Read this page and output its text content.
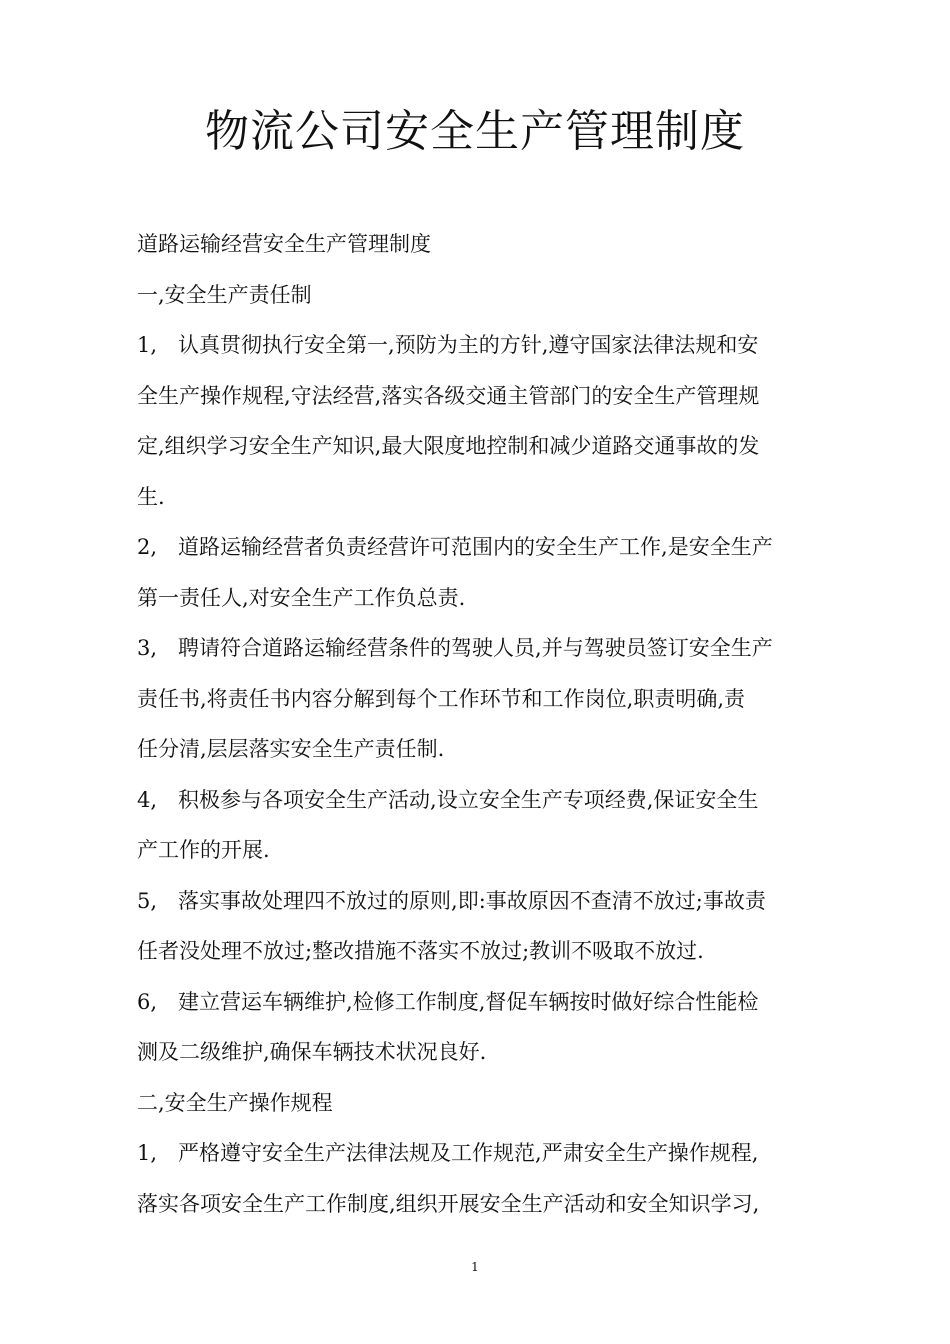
物流公司安全生产管理制度
道路运输经营安全生产管理制度
一,安全生产责任制
1,　认真贯彻执行安全第一,预防为主的方针,遵守国家法律法规和安
全生产操作规程,守法经营,落实各级交通主管部门的安全生产管理规
定,组织学习安全生产知识,最大限度地控制和减少道路交通事故的发
生.
2,　道路运输经营者负责经营许可范围内的安全生产工作,是安全生产
第一责任人,对安全生产工作负总责.
3,　聘请符合道路运输经营条件的驾驶人员,并与驾驶员签订安全生产
责任书,将责任书内容分解到每个工作环节和工作岗位,职责明确,责
任分清,层层落实安全生产责任制.
4,　积极参与各项安全生产活动,设立安全生产专项经费,保证安全生
产工作的开展.
5,　落实事故处理四不放过的原则,即:事故原因不查清不放过;事故责
任者没处理不放过;整改措施不落实不放过;教训不吸取不放过.
6,　建立营运车辆维护,检修工作制度,督促车辆按时做好综合性能检
测及二级维护,确保车辆技术状况良好.
二,安全生产操作规程
1,　严格遵守安全生产法律法规及工作规范,严肃安全生产操作规程,
落实各项安全生产工作制度,组织开展安全生产活动和安全知识学习,
1
